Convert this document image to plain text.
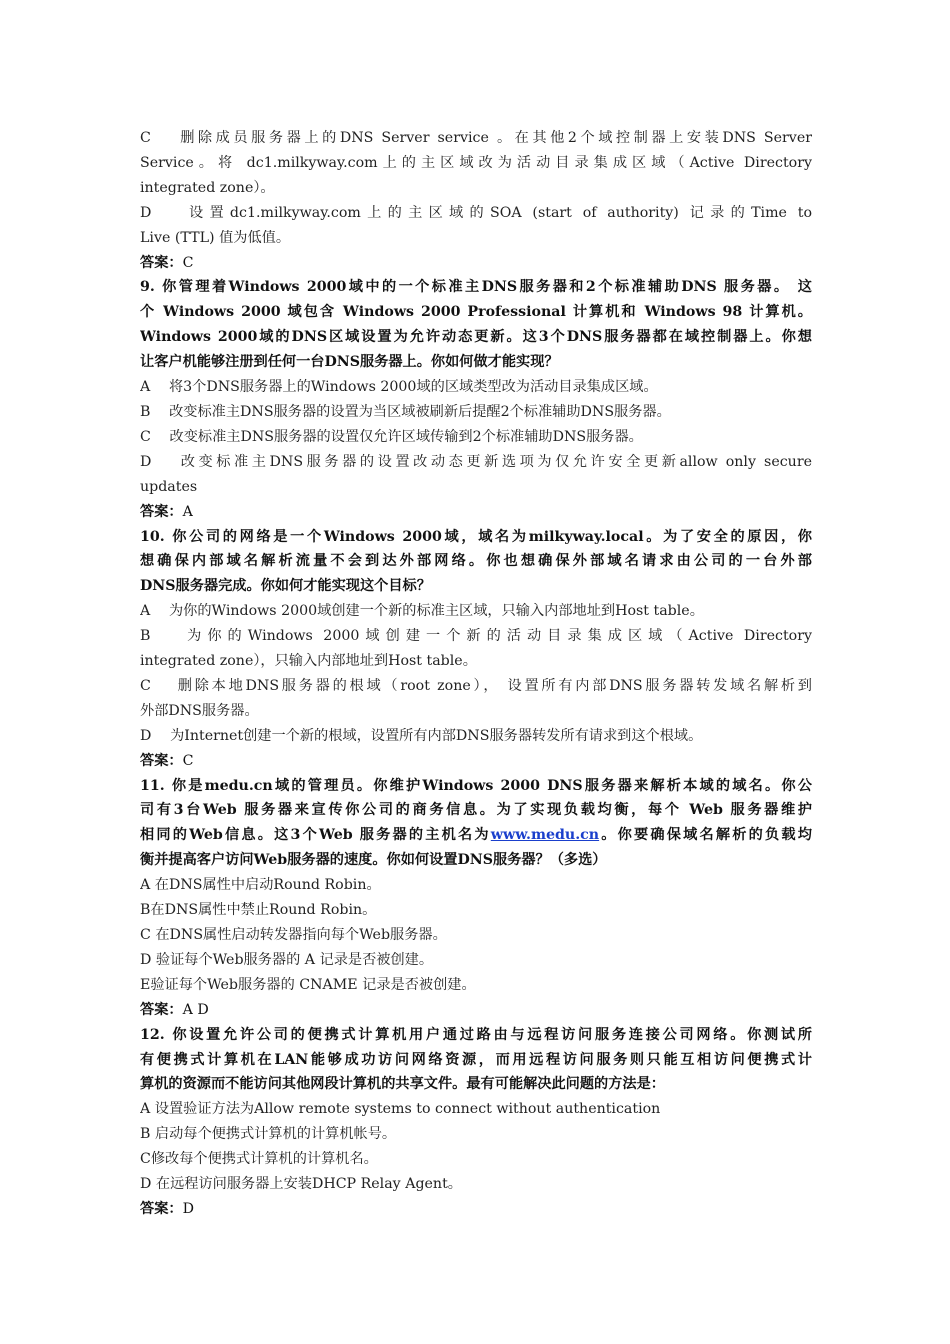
C　 删除成员服务器上的DNS Server service 。在其他2个域控制器上安装DNS Server

Service。将 dc1.milkyway.com上的主区域改为活动目录集成区域（Active Directory

integrated zone）。

D　 设置dc1.milkyway.com上的主区域的SOA (start of authority) 记录的Time to

Live (TTL) 值为低值。

答案：C

9. 你管理着Windows 2000域中的一个标准主DNS服务器和2个标准辅助DNS 服务器。 这

个 Windows 2000 域包含 Windows 2000 Professional 计算机和 Windows 98 计算机。

Windows 2000域的DNS区域设置为允许动态更新。这3个DNS服务器都在域控制器上。你想

让客户机能够注册到任何一台DNS服务器上。你如何做才能实现？

A　 将3个DNS服务器上的Windows 2000域的区域类型改为活动目录集成区域。

B　 改变标准主DNS服务器的设置为当区域被刷新后提醒2个标准辅助DNS服务器。

C　 改变标准主DNS服务器的设置仅允许区域传输到2个标准辅助DNS服务器。

D　 改变标准主DNS服务器的设置改动态更新选项为仅允许安全更新allow only secure

updates

答案：A

10. 你公司的网络是一个Windows 2000域，域名为milkyway.local。为了安全的原因，你

想确保内部域名解析流量不会到达外部网络。你也想确保外部域名请求由公司的一台外部

DNS服务器完成。你如何才能实现这个目标？

A　 为你的Windows 2000域创建一个新的标准主区域，只输入内部地址到Host table。

B　 为你的Windows 2000域创建一个新的活动目录集成区域（Active Directory

integrated zone），只输入内部地址到Host table。

C　 删除本地DNS服务器的根域（root zone）， 设置所有内部DNS服务器转发域名解析到

外部DNS服务器。

D　 为Internet创建一个新的根域，设置所有内部DNS服务器转发所有请求到这个根域。

答案：C

11. 你是medu.cn域的管理员。你维护Windows 2000 DNS服务器来解析本域的域名。你公

司有3台Web 服务器来宣传你公司的商务信息。为了实现负载均衡，每个 Web 服务器维护

相同的Web信息。这3个Web 服务器的主机名为www.medu.cn。你要确保域名解析的负载均

衡并提高客户访问Web服务器的速度。你如何设置DNS服务器？（多选）

A 在DNS属性中启动Round Robin。

B在DNS属性中禁止Round Robin。

C 在DNS属性启动转发器指向每个Web服务器。

D 验证每个Web服务器的 A 记录是否被创建。

E验证每个Web服务器的 CNAME 记录是否被创建。

答案：A D

12. 你设置允许公司的便携式计算机用户通过路由与远程访问服务连接公司网络。你测试所

有便携式计算机在LAN能够成功访问网络资源，而用远程访问服务则只能互相访问便携式计

算机的资源而不能访问其他网段计算机的共享文件。最有可能解决此问题的方法是：

A 设置验证方法为Allow remote systems to connect without authentication

B 启动每个便携式计算机的计算机帐号。

C修改每个便携式计算机的计算机名。

D 在远程访问服务器上安装DHCP Relay Agent。

答案：D
